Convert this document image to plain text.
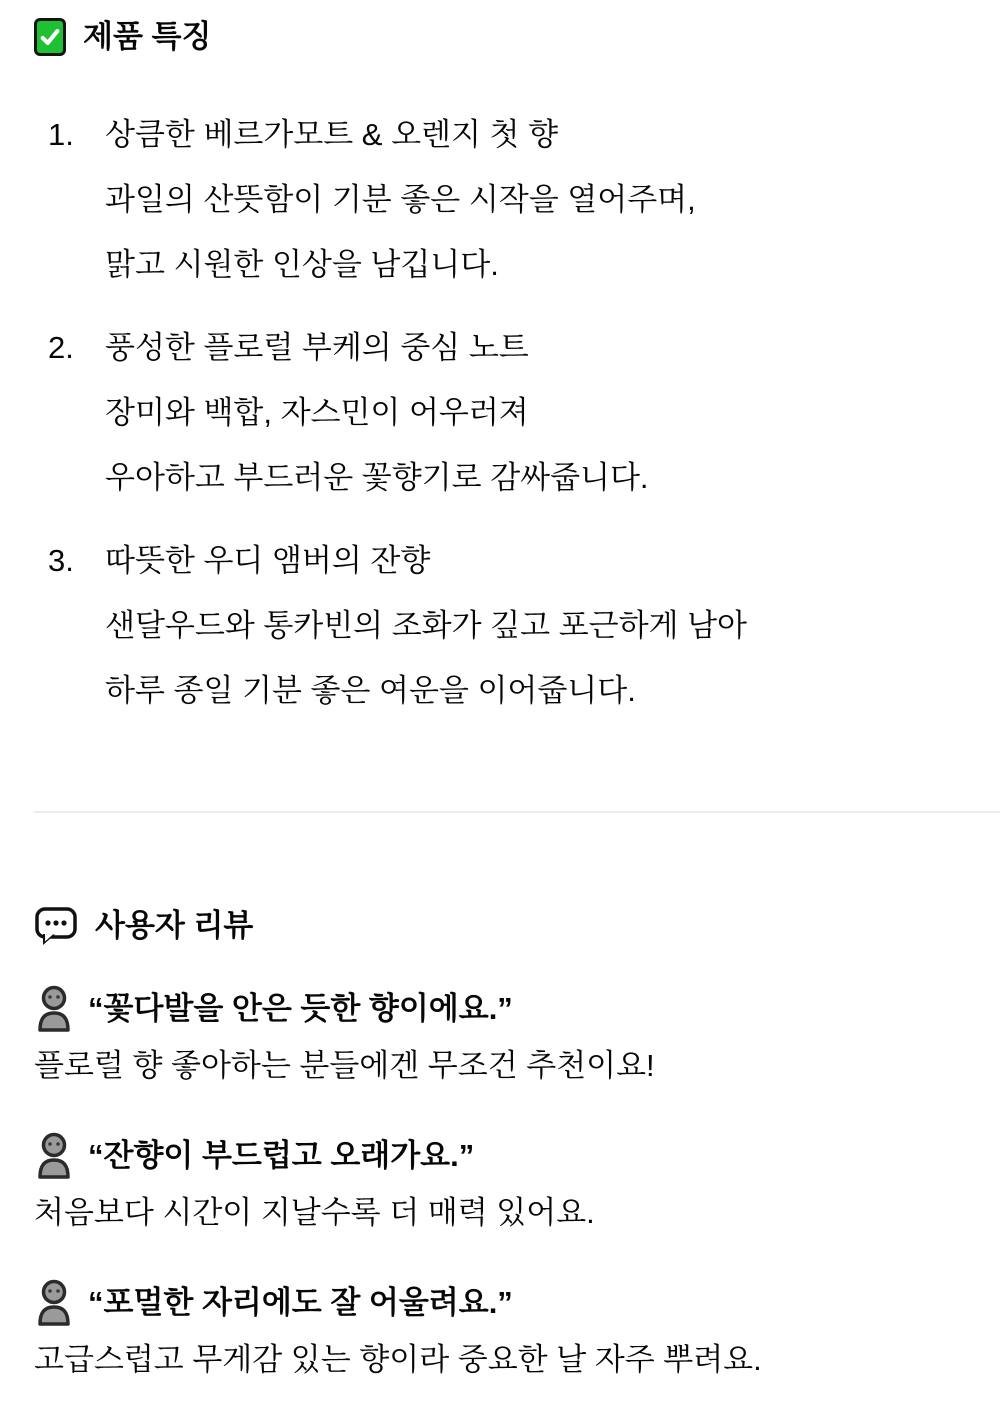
제품 특징
1.	상큼한 베르가모트 & 오렌지 첫 향
과일의 산뜻함이 기분 좋은 시작을 열어주며,
맑고 시원한 인상을 남깁니다.
2.	풍성한 플로럴 부케의 중심 노트
장미와 백합, 자스민이 어우러져
우아하고 부드러운 꽃향기로 감싸줍니다.
3.	따뜻한 우디 앰버의 잔향
샌달우드와 통카빈의 조화가 깊고 포근하게 남아
하루 종일 기분 좋은 여운을 이어줍니다.
사용자 리뷰
“꽃다발을 안은 듯한 향이에요.”
플로럴 향 좋아하는 분들에겐 무조건 추천이요!
“잔향이 부드럽고 오래가요.”
처음보다 시간이 지날수록 더 매력 있어요.
“포멀한 자리에도 잘 어울려요.”
고급스럽고 무게감 있는 향이라 중요한 날 자주 뿌려요.
